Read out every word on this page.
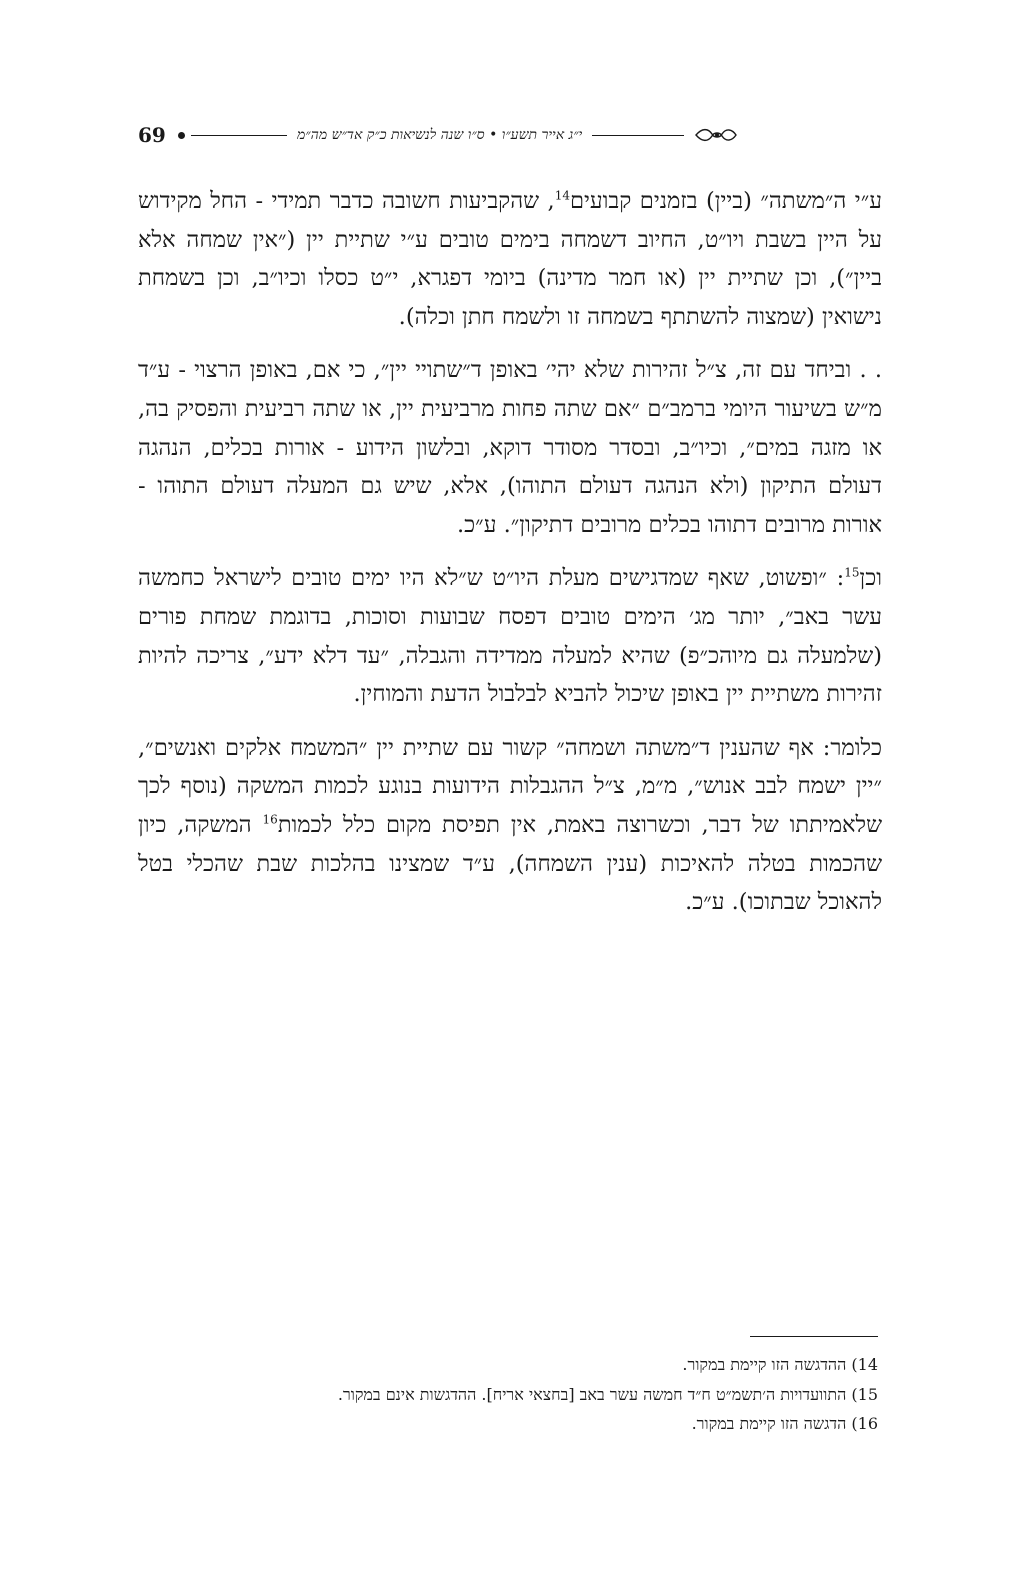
69	י״ג אייר תשע״ו • ס״ו שנה לנשיאות כ״ק אד״ש מה״מ

ע״י ה״משתה״ (ביין) בזמנים קבועים$^{14}$, שהקביעות חשובה כדבר תמידי - החל מקידוש על היין בשבת ויו״ט, החיוב דשמחה בימים טובים ע״י שתיית יין (״אין שמחה אלא ביין״), וכן שתיית יין (או חמר מדינה) ביומי דפגרא, י״ט כסלו וכיו״ב, וכן בשמחת נישואין (שמצוה להשתתף בשמחה זו ולשמח חתן וכלה).

. . וביחד עם זה, צ״ל זהירות שלא יהי׳ באופן ד״שתויי יין״, כי אם, באופן הרצוי - ע״ד מ״ש בשיעור היומי ברמב״ם ״אם שתה פחות מרביעית יין, או שתה רביעית והפסיק בה, או מזגה במים״, וכיו״ב, ובסדר מסודר דוקא, ובלשון הידוע - אורות בכלים, הנהגה דעולם התיקון (ולא הנהגה דעולם התוהו), אלא, שיש גם המעלה דעולם התוהו - אורות מרובים דתוהו בכלים מרובים דתיקון״. ע״כ.

וכן$^{15}$: ״ופשוט, שאף שמדגישים מעלת היו״ט ש״לא היו ימים טובים לישראל כחמשה עשר באב״, יותר מג׳ הימים טובים דפסח שבועות וסוכות, בדוגמת שמחת פורים (שלמעלה גם מיוהכ״פ) שהיא למעלה ממדידה והגבלה, ״עד דלא ידע״, צריכה להיות זהירות משתיית יין באופן שיכול להביא לבלבול הדעת והמוחין.

כלומר: אף שהענין ד״משתה ושמחה״ קשור עם שתיית יין ״המשמח אלקים ואנשים״, ״יין ישמח לבב אנוש״, מ״מ, צ״ל ההגבלות הידועות בנוגע לכמות המשקה (נוסף לכך שלאמיתתו של דבר, וכשרוצה באמת, אין תפיסת מקום כלל לכמות$^{16}$ המשקה, כיון שהכמות בטלה להאיכות (ענין השמחה), ע״ד שמצינו בהלכות שבת שהכלי בטל להאוכל שבתוכו). ע״כ.

14) ההדגשה הזו קיימת במקור.
15) התוועדויות ה׳תשמ״ט ח״ד חמשה עשר באב [בחצאי אריח]. ההדגשות אינם במקור.
16) הדגשה הזו קיימת במקור.
